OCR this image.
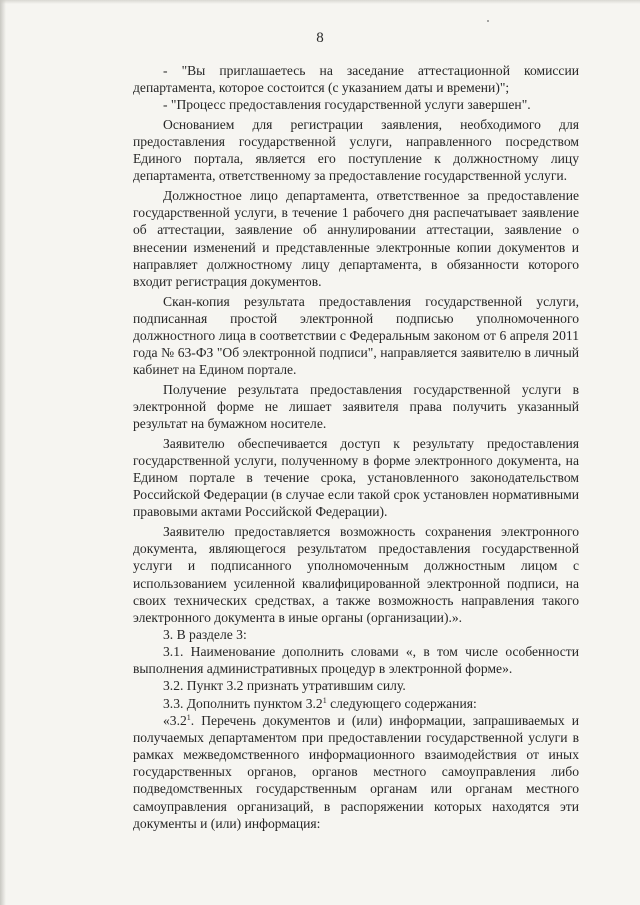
8

- "Вы приглашаетесь на заседание аттестационной комиссии департамента, которое состоится (с указанием даты и времени)";

- "Процесс предоставления государственной услуги завершен".

Основанием для регистрации заявления, необходимого для предоставления государственной услуги, направленного посредством Единого портала, является его поступление к должностному лицу департамента, ответственному за предоставление государственной услуги.

Должностное лицо департамента, ответственное за предоставление государственной услуги, в течение 1 рабочего дня распечатывает заявление об аттестации, заявление об аннулировании аттестации, заявление о внесении изменений и представленные электронные копии документов и направляет должностному лицу департамента, в обязанности которого входит регистрация документов.

Скан-копия результата предоставления государственной услуги, подписанная простой электронной подписью уполномоченного должностного лица в соответствии с Федеральным законом от 6 апреля 2011 года № 63-ФЗ "Об электронной подписи", направляется заявителю в личный кабинет на Едином портале.

Получение результата предоставления государственной услуги в электронной форме не лишает заявителя права получить указанный результат на бумажном носителе.

Заявителю обеспечивается доступ к результату предоставления государственной услуги, полученному в форме электронного документа, на Едином портале в течение срока, установленного законодательством Российской Федерации (в случае если такой срок установлен нормативными правовыми актами Российской Федерации).

Заявителю предоставляется возможность сохранения электронного документа, являющегося результатом предоставления государственной услуги и подписанного уполномоченным должностным лицом с использованием усиленной квалифицированной электронной подписи, на своих технических средствах, а также возможность направления такого электронного документа в иные органы (организации).».

3. В разделе 3:

3.1. Наименование дополнить словами «, в том числе особенности выполнения административных процедур в электронной форме».

3.2. Пункт 3.2 признать утратившим силу.

3.3. Дополнить пунктом $3.2^1$ следующего содержания:

«$3.2^1$. Перечень документов и (или) информации, запрашиваемых и получаемых департаментом при предоставлении государственной услуги в рамках межведомственного информационного взаимодействия от иных государственных органов, органов местного самоуправления либо подведомственных государственным органам или органам местного самоуправления организаций, в распоряжении которых находятся эти документы и (или) информация:
